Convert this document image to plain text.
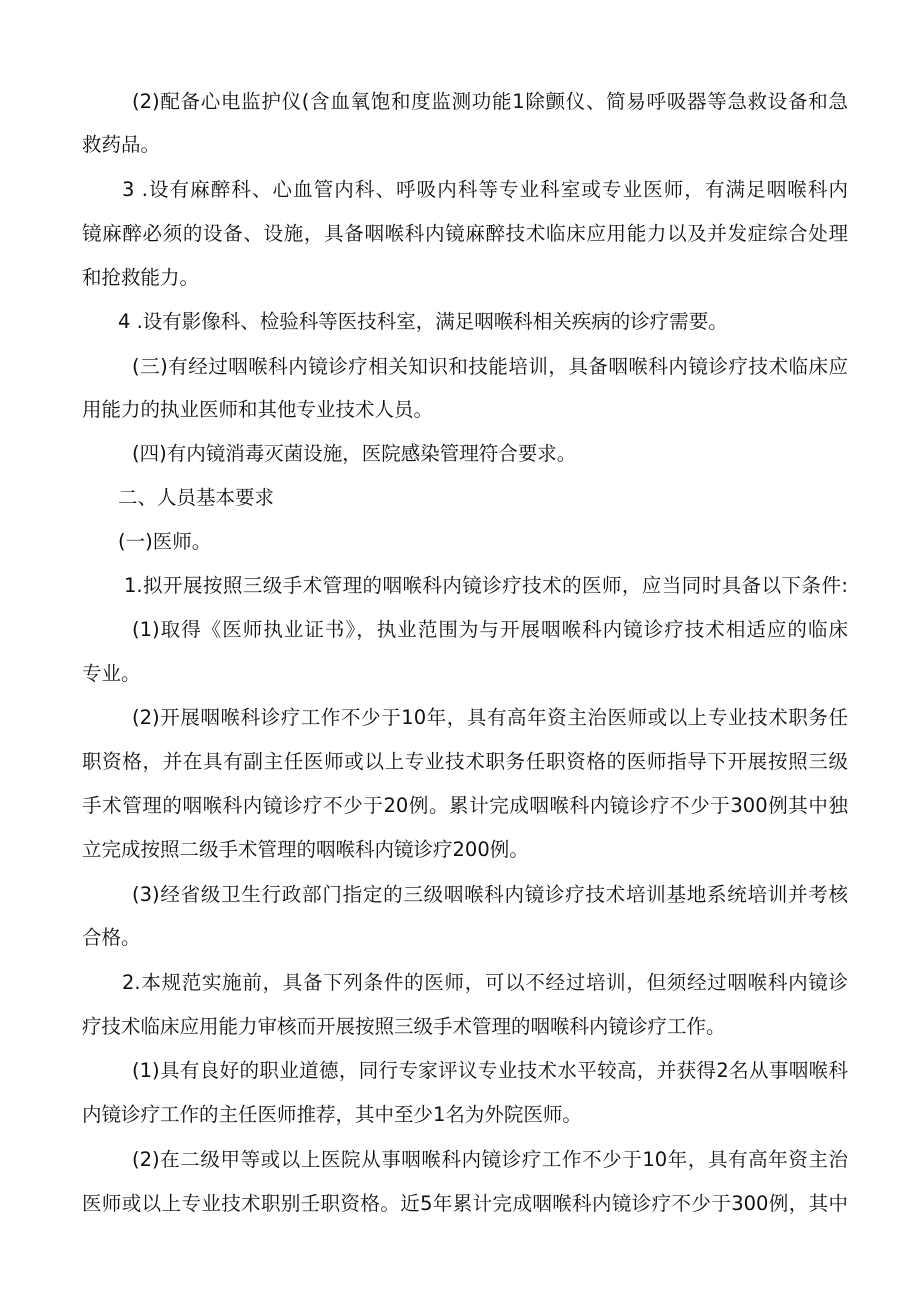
(2)配备心电监护仪(含血氧饱和度监测功能1除颤仪、简易呼吸器等急救设备和急
救药品。
3 .设有麻醉科、心血管内科、呼吸内科等专业科室或专业医师，有满足咽喉科内
镜麻醉必须的设备、设施，具备咽喉科内镜麻醉技术临床应用能力以及并发症综合处理
和抢救能力。
4 .设有影像科、检验科等医技科室，满足咽喉科相关疾病的诊疗需要。
(三)有经过咽喉科内镜诊疗相关知识和技能培训，具备咽喉科内镜诊疗技术临床应
用能力的执业医师和其他专业技术人员。
(四)有内镜消毒灭菌设施，医院感染管理符合要求。
二、人员基本要求
(一)医师。
1.拟开展按照三级手术管理的咽喉科内镜诊疗技术的医师，应当同时具备以下条件:
(1)取得《医师执业证书》，执业范围为与开展咽喉科内镜诊疗技术相适应的临床
专业。
(2)开展咽喉科诊疗工作不少于10年，具有高年资主治医师或以上专业技术职务任
职资格，并在具有副主任医师或以上专业技术职务任职资格的医师指导下开展按照三级
手术管理的咽喉科内镜诊疗不少于20例。累计完成咽喉科内镜诊疗不少于300例其中独
立完成按照二级手术管理的咽喉科内镜诊疗200例。
(3)经省级卫生行政部门指定的三级咽喉科内镜诊疗技术培训基地系统培训并考核
合格。
2.本规范实施前，具备下列条件的医师，可以不经过培训，但须经过咽喉科内镜诊
疗技术临床应用能力审核而开展按照三级手术管理的咽喉科内镜诊疗工作。
(1)具有良好的职业道德，同行专家评议专业技术水平较高，并获得2名从事咽喉科
内镜诊疗工作的主任医师推荐，其中至少1名为外院医师。
(2)在二级甲等或以上医院从事咽喉科内镜诊疗工作不少于10年，具有高年资主治
医师或以上专业技术职别壬职资格。近5年累计完成咽喉科内镜诊疗不少于300例，其中
